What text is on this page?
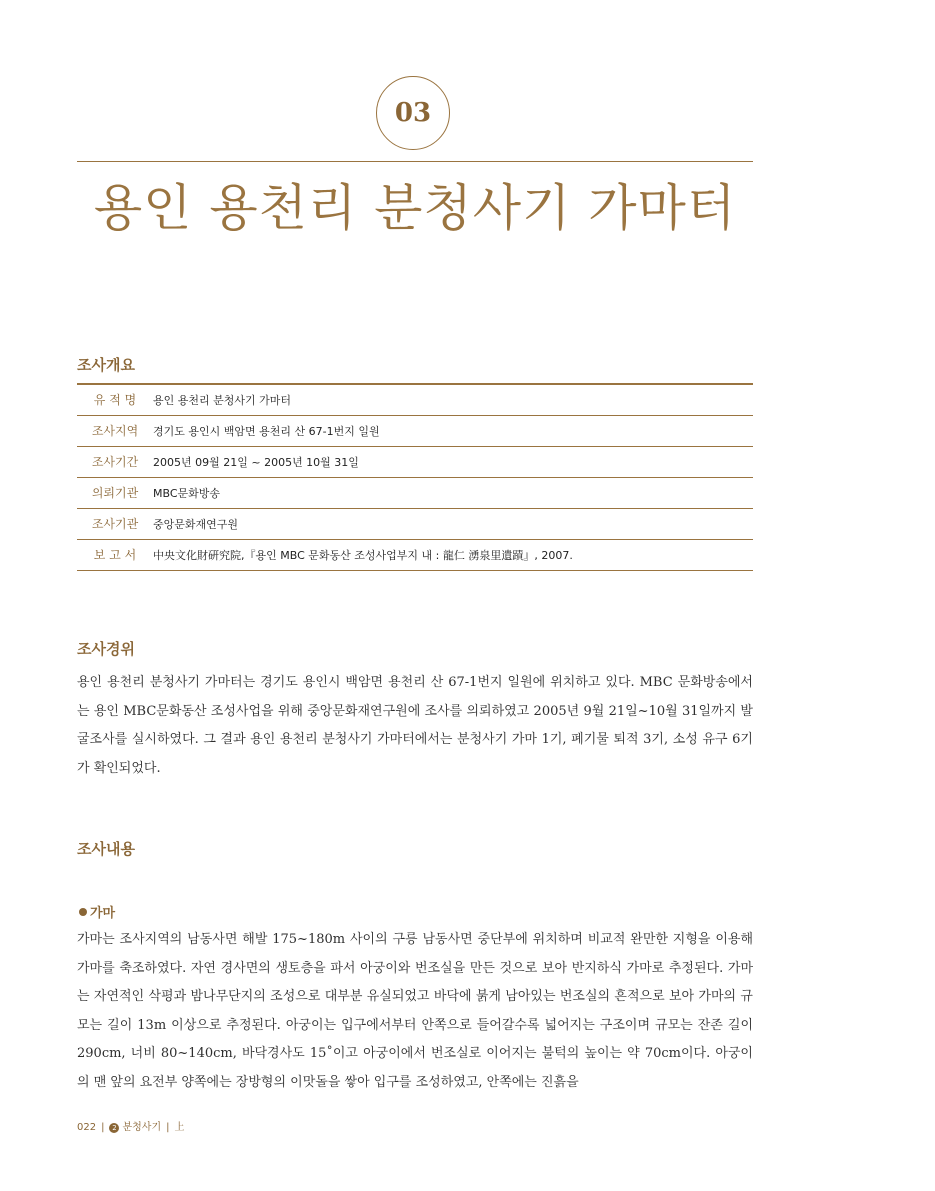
03
용인 용천리 분청사기 가마터
조사개요
유 적 명	용인 용천리 분청사기 가마터
조사지역	경기도 용인시 백암면 용천리 산 67-1번지 일원
조사기간	2005년 09월 21일 ~ 2005년 10월 31일
의뢰기관	MBC문화방송
조사기관	중앙문화재연구원
보 고 서	中央文化財硏究院,『용인 MBC 문화동산 조성사업부지 내 : 龍仁 湧泉里遺蹟』, 2007.
조사경위
용인 용천리 분청사기 가마터는 경기도 용인시 백암면 용천리 산 67-1번지 일원에 위치하고 있다. MBC 문화방송에서는 용인 MBC문화동산 조성사업을 위해 중앙문화재연구원에 조사를 의뢰하였고 2005년 9월 21일~10월 31일까지 발굴조사를 실시하였다. 그 결과 용인 용천리 분청사기 가마터에서는 분청사기 가마 1기, 폐기물 퇴적 3기, 소성 유구 6기가 확인되었다.
조사내용
가마
가마는 조사지역의 남동사면 해발 175~180m 사이의 구릉 남동사면 중단부에 위치하며 비교적 완만한 지형을 이용해 가마를 축조하였다. 자연 경사면의 생토층을 파서 아궁이와 번조실을 만든 것으로 보아 반지하식 가마로 추정된다. 가마는 자연적인 삭평과 밤나무단지의 조성으로 대부분 유실되었고 바닥에 붉게 남아있는 번조실의 흔적으로 보아 가마의 규모는 길이 13m 이상으로 추정된다. 아궁이는 입구에서부터 안쪽으로 들어갈수록 넓어지는 구조이며 규모는 잔존 길이 290cm, 너비 80~140cm, 바닥경사도 15˚이고 아궁이에서 번조실로 이어지는 불턱의 높이는 약 70cm이다. 아궁이의 맨 앞의 요전부 양쪽에는 장방형의 이맛돌을 쌓아 입구를 조성하였고, 안쪽에는 진흙을
022 | 2 분청사기 | 上
